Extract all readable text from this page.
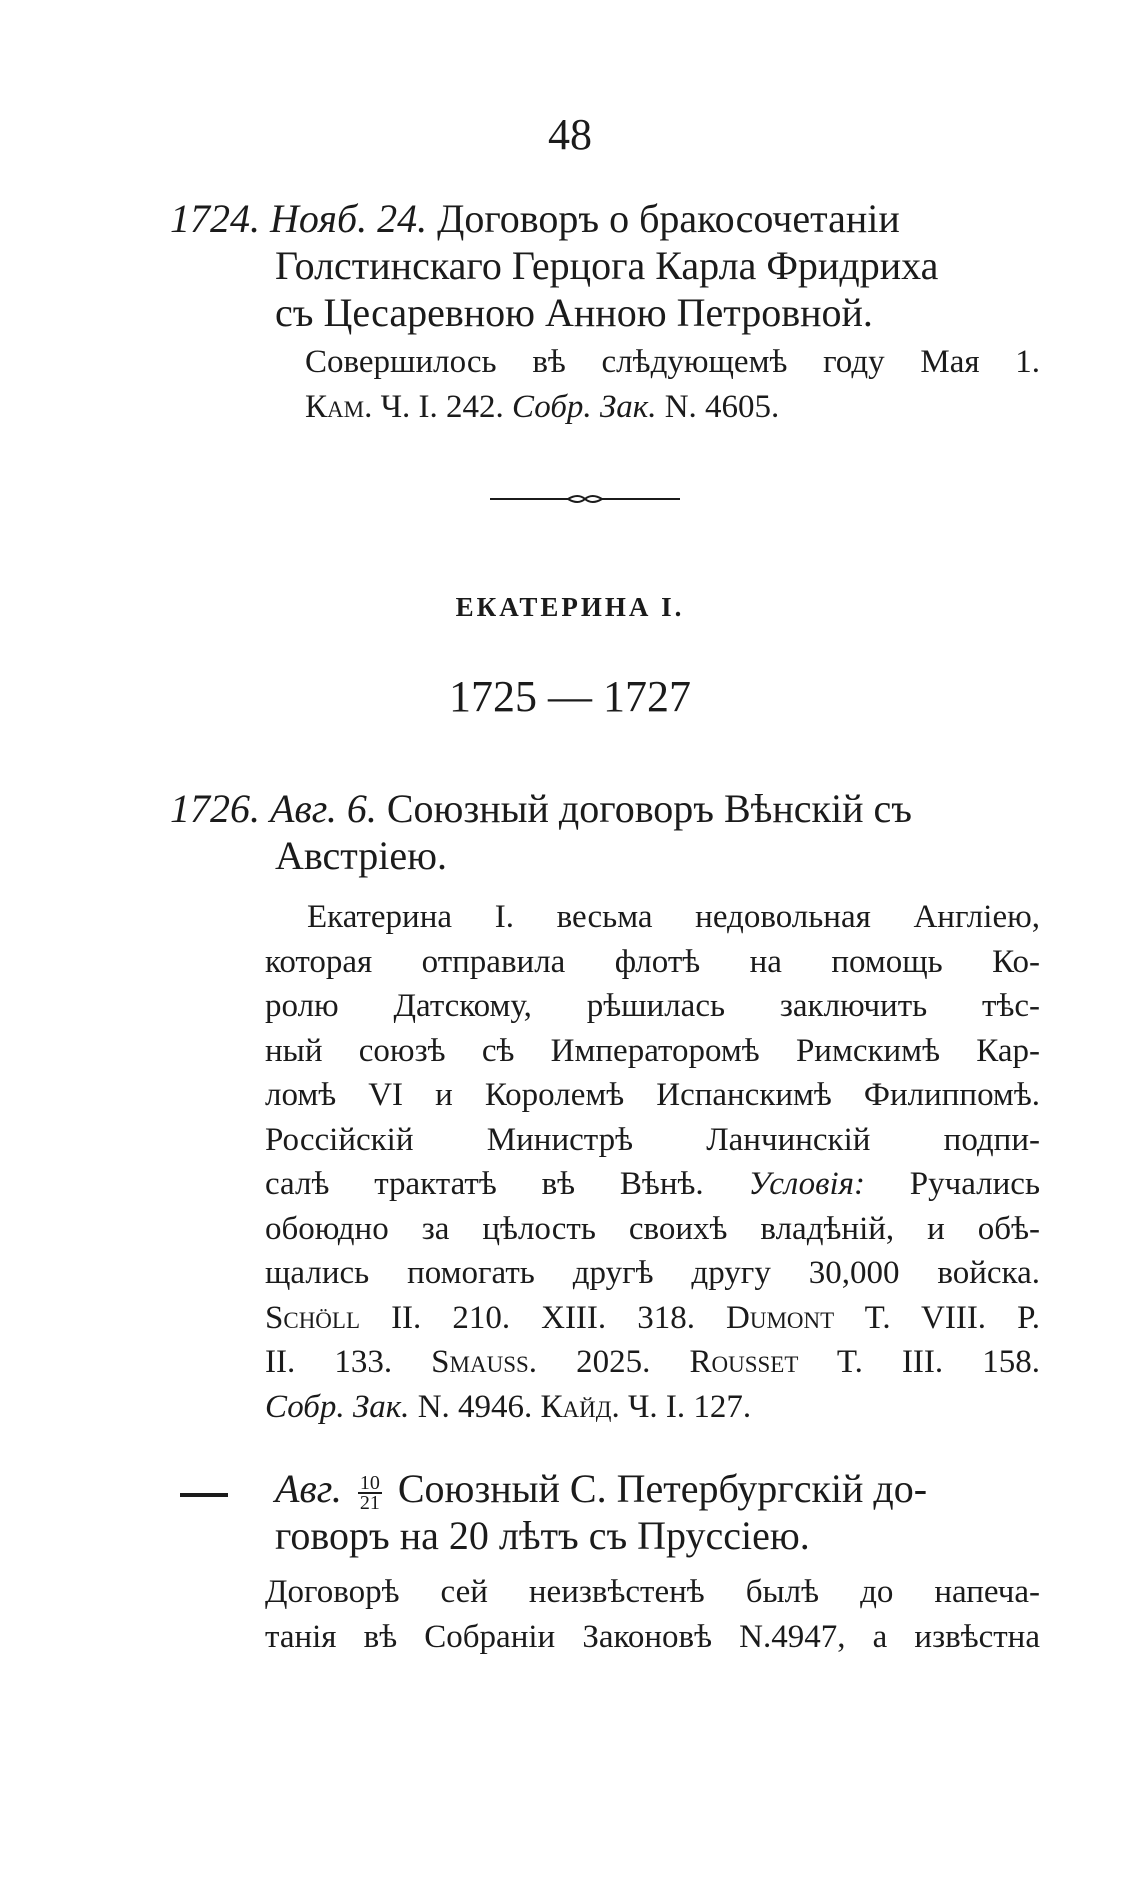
48
1724. Нояб. 24. Договоръ о бракосочетаніи
Голстинскаго Герцога Карла Фридриха
съ Цесаревною Анною Петровной.
Совершилось вѣ слѣдующемѣ году Мая 1.
Кам. Ч. I. 242. Собр. Зак. N. 4605.
ЕКАТЕРИНА I.
1725 — 1727
1726. Авг. 6. Союзный договоръ Вѣнскій съ
Австріею.
Екатерина I. весьма недовольная Англіею,
которая отправила флотѣ на помощь Ко-
ролю Датскому, рѣшилась заключить тѣс-
ный союзѣ сѣ Императоромѣ Римскимѣ Кар-
ломѣ VI и Королемѣ Испанскимѣ Филиппомѣ.
Россійскій Министрѣ Ланчинскій подпи-
салѣ трактатѣ вѣ Вѣнѣ. Условія: Ручались
обоюдно за цѣлость своихѣ владѣній, и обѣ-
щались помогать другѣ другу 30,000 войска.
Schöll II. 210. XIII. 318. Dumont T. VIII. P.
II. 133. Smauss. 2025. Rousset T. III. 158.
Собр. Зак. N. 4946. Кайд. Ч. I. 127.
Авг. $\frac{10}{21}$ Союзный С. Петербургскій до-
говоръ на 20 лѣтъ съ Пруссіею.
Договорѣ сей неизвѣстенѣ былѣ до напеча-
танія вѣ Собраніи Законовѣ N.4947, а извѣстна
